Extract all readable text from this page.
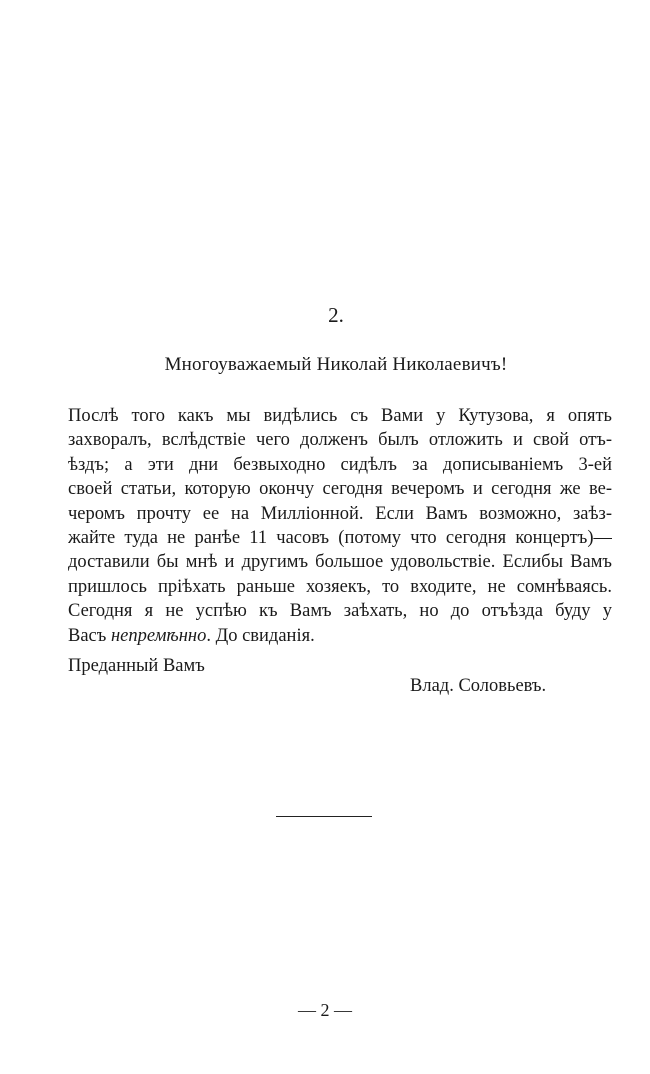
2.
Многоуважаемый Николай Николаевичъ!
Послѣ того какъ мы видѣлись съ Вами у Кутузова, я опять
захворалъ, вслѣдствіе чего долженъ былъ отложить и свой отъ-
ѣздъ; а эти дни безвыходно сидѣлъ за дописываніемъ 3-ей
своей статьи, которую окончу сегодня вечеромъ и сегодня же ве-
черомъ прочту ее на Милліонной. Если Вамъ возможно, заѣз-
жайте туда не ранѣе 11 часовъ (потому что сегодня концертъ)—
доставили бы мнѣ и другимъ большое удовольствіе. Еслибы Вамъ
пришлось пріѣхать раньше хозяекъ, то входите, не сомнѣваясь.
Сегодня я не успѣю къ Вамъ заѣхать, но до отъѣзда буду у
Васъ непремѣнно. До свиданія.
Преданный Вамъ
Влад. Соловьевъ.
— 2 —
